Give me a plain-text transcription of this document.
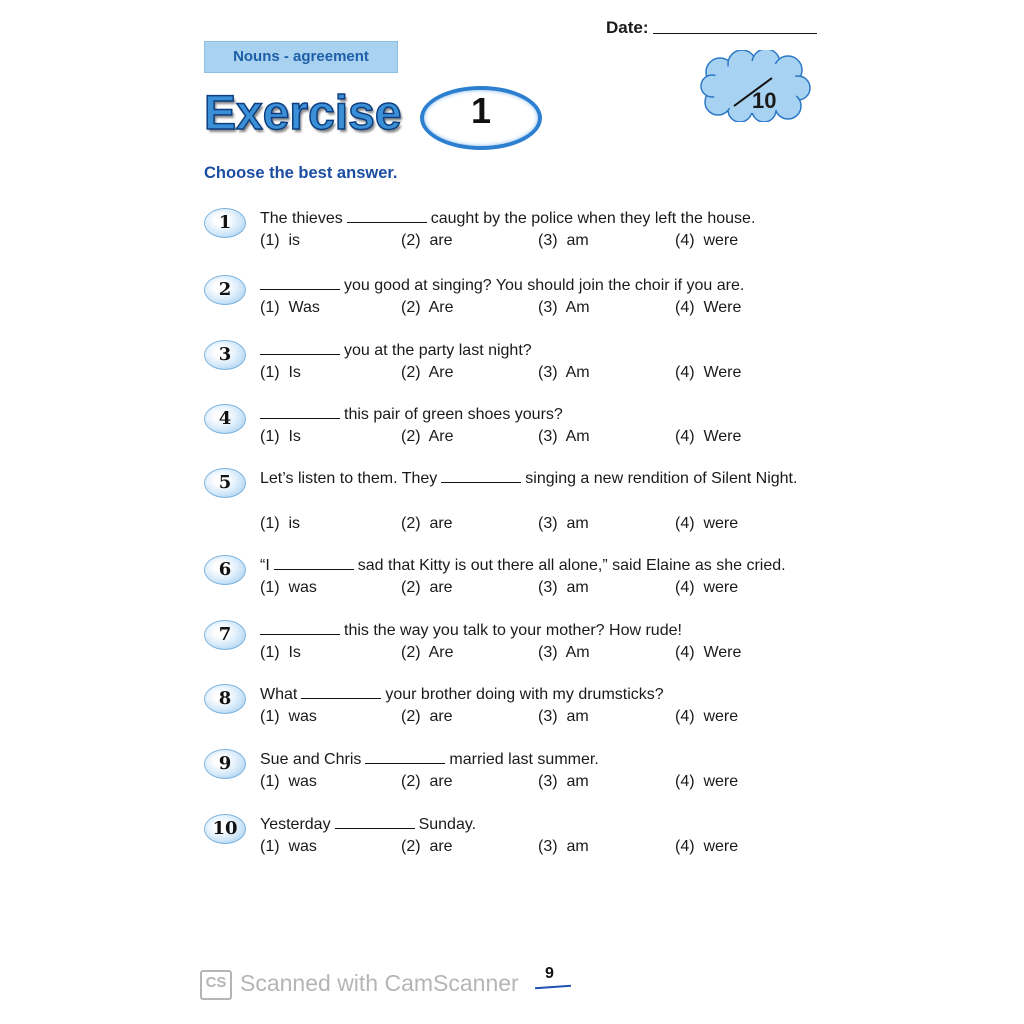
Date:
Nouns - agreement
Exercise	1	10
Choose the best answer.
1	The thieves	caught by the police when they left the house.
(1)  is	(2)  are	(3)  am	(4)  were
2	you good at singing? You should join the choir if you are.
(1)  Was	(2)  Are	(3)  Am	(4)  Were
3	you at the party last night?
(1)  Is	(2)  Are	(3)  Am	(4)  Were
4	this pair of green shoes yours?
(1)  Is	(2)  Are	(3)  Am	(4)  Were
5	Let’s listen to them. They	singing a new rendition of Silent Night.
(1)  is	(2)  are	(3)  am	(4)  were
6	“I	sad that Kitty is out there all alone,” said Elaine as she cried.
(1)  was	(2)  are	(3)  am	(4)  were
7	this the way you talk to your mother? How rude!
(1)  Is	(2)  Are	(3)  Am	(4)  Were
8	What	your brother doing with my drumsticks?
(1)  was	(2)  are	(3)  am	(4)  were
9	Sue and Chris	married last summer.
(1)  was	(2)  are	(3)  am	(4)  were
10	Yesterday	Sunday.
(1)  was	(2)  are	(3)  am	(4)  were
CS Scanned with CamScanner 9
